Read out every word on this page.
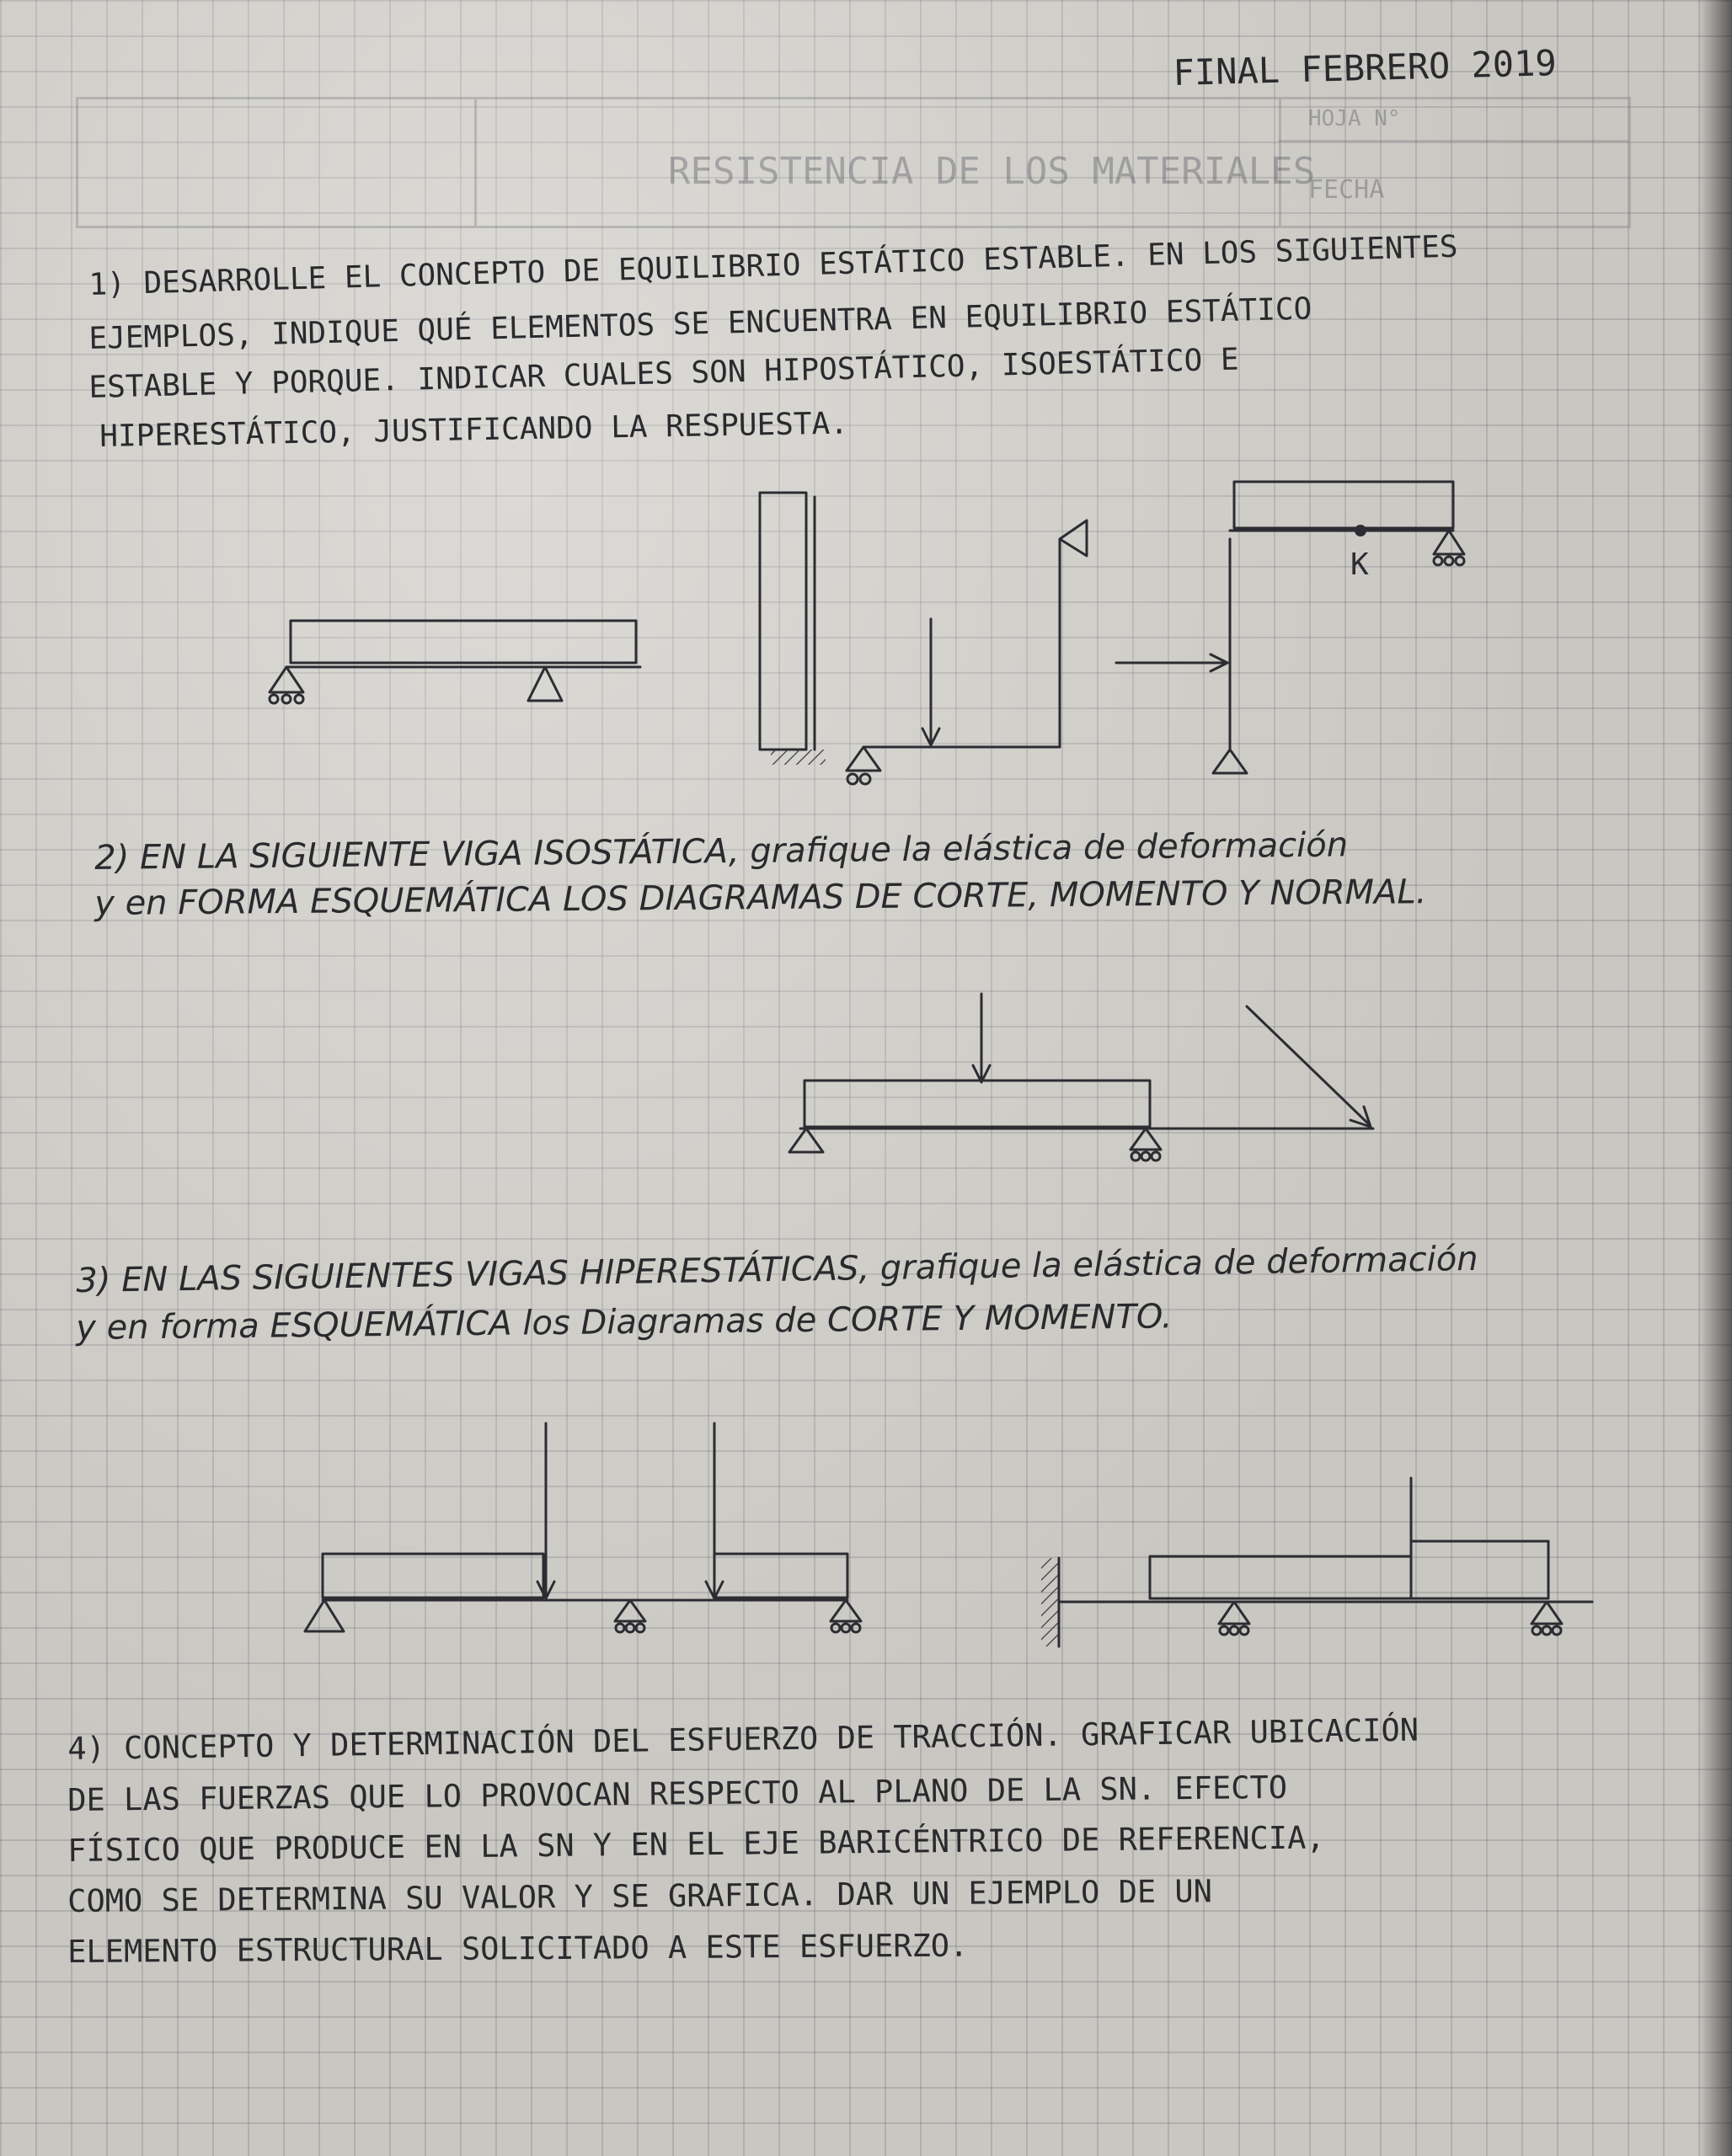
RESISTENCIA DE LOS MATERIALES

HOJA N°

FECHA

FINAL FEBRERO 2019

1) DESARROLLE EL CONCEPTO DE EQUILIBRIO ESTÁTICO ESTABLE. EN LOS SIGUIENTES

EJEMPLOS, INDIQUE QUÉ ELEMENTOS SE ENCUENTRA EN EQUILIBRIO ESTÁTICO

ESTABLE Y PORQUE. INDICAR CUALES SON HIPOSTÁTICO, ISOESTÁTICO E

HIPERESTÁTICO, JUSTIFICANDO LA RESPUESTA.

2) EN LA SIGUIENTE VIGA ISOSTÁTICA, grafique la elástica de deformación

y en FORMA ESQUEMÁTICA LOS DIAGRAMAS DE CORTE, MOMENTO Y NORMAL.

3) EN LAS SIGUIENTES VIGAS HIPERESTÁTICAS, grafique la elástica de deformación

y en forma ESQUEMÁTICA los Diagramas de CORTE Y MOMENTO.

4) CONCEPTO Y DETERMINACIÓN DEL ESFUERZO DE TRACCIÓN. GRAFICAR UBICACIÓN

DE LAS FUERZAS QUE LO PROVOCAN RESPECTO AL PLANO DE LA SN. EFECTO

FÍSICO QUE PRODUCE EN LA SN Y EN EL EJE BARICÉNTRICO DE REFERENCIA,

COMO SE DETERMINA SU VALOR Y SE GRAFICA. DAR UN EJEMPLO DE UN

ELEMENTO ESTRUCTURAL SOLICITADO A ESTE ESFUERZO.

K
